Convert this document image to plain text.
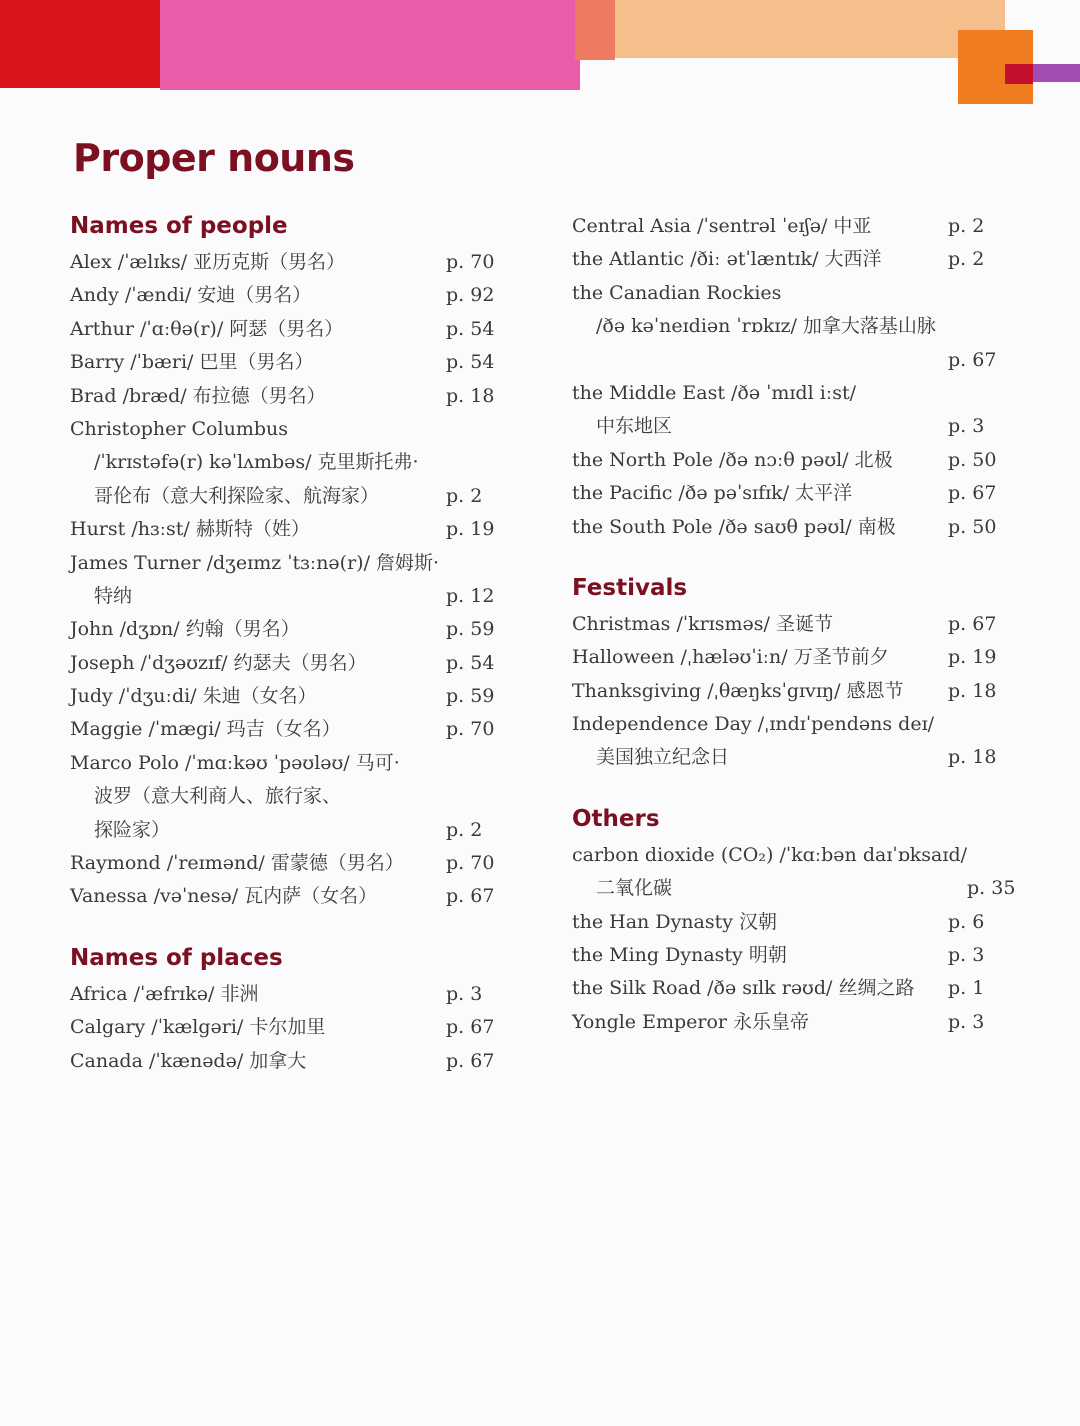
Proper nouns
Names of people
Alex /ˈælɪks/ 亚历克斯（男名）	p. 70
Andy /ˈændi/ 安迪（男名）	p. 92
Arthur /ˈɑːθə(r)/ 阿瑟（男名）	p. 54
Barry /ˈbæri/ 巴里（男名）	p. 54
Brad /bræd/ 布拉德（男名）	p. 18
Christopher Columbus
/ˈkrɪstəfə(r) kəˈlʌmbəs/ 克里斯托弗·
哥伦布（意大利探险家、航海家）	p. 2
Hurst /hɜːst/ 赫斯特（姓）	p. 19
James Turner /dʒeɪmz ˈtɜːnə(r)/ 詹姆斯·
特纳	p. 12
John /dʒɒn/ 约翰（男名）	p. 59
Joseph /ˈdʒəʊzɪf/ 约瑟夫（男名）	p. 54
Judy /ˈdʒuːdi/ 朱迪（女名）	p. 59
Maggie /ˈmægi/ 玛吉（女名）	p. 70
Marco Polo /ˈmɑːkəʊ ˈpəʊləʊ/ 马可·
波罗（意大利商人、旅行家、
探险家）	p. 2
Raymond /ˈreɪmənd/ 雷蒙德（男名）	p. 70
Vanessa /vəˈnesə/ 瓦内萨（女名）	p. 67
Names of places
Africa /ˈæfrɪkə/ 非洲	p. 3
Calgary /ˈkælgəri/ 卡尔加里	p. 67
Canada /ˈkænədə/ 加拿大	p. 67
Central Asia /ˈsentrəl ˈeɪʃə/ 中亚	p. 2
the Atlantic /ðiː ətˈlæntɪk/ 大西洋	p. 2
the Canadian Rockies
/ðə kəˈneɪdiən ˈrɒkɪz/ 加拿大落基山脉
p. 67
the Middle East /ðə ˈmɪdl iːst/
中东地区	p. 3
the North Pole /ðə nɔːθ pəʊl/ 北极	p. 50
the Pacific /ðə pəˈsɪfɪk/ 太平洋	p. 67
the South Pole /ðə saʊθ pəʊl/ 南极	p. 50
Festivals
Christmas /ˈkrɪsməs/ 圣诞节	p. 67
Halloween /ˌhæləʊˈiːn/ 万圣节前夕	p. 19
Thanksgiving /ˌθæŋksˈgɪvɪŋ/ 感恩节	p. 18
Independence Day /ˌɪndɪˈpendəns deɪ/
美国独立纪念日	p. 18
Others
carbon dioxide (CO₂) /ˈkɑːbən daɪˈɒksaɪd/
二氧化碳	p. 35
the Han Dynasty 汉朝	p. 6
the Ming Dynasty 明朝	p. 3
the Silk Road /ðə sɪlk rəʊd/ 丝绸之路	p. 1
Yongle Emperor 永乐皇帝	p. 3
